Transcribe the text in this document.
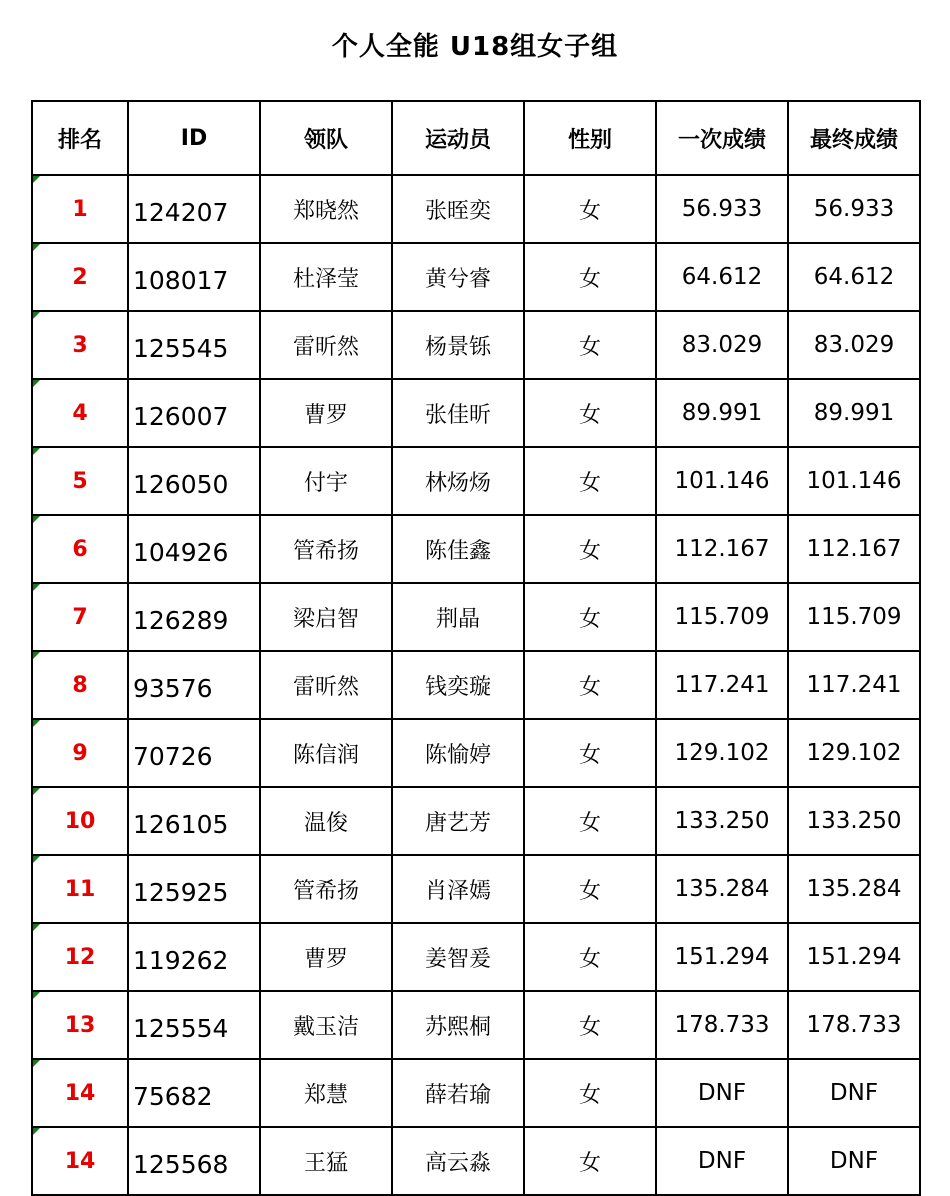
个人全能 U18组女子组
排名	ID	领队	运动员	性别	一次成绩	最终成绩
1	124207	郑晓然	张晊奕	女	56.933	56.933
2	108017	杜泽莹	黄兮睿	女	64.612	64.612
3	125545	雷昕然	杨景铄	女	83.029	83.029
4	126007	曹罗	张佳昕	女	89.991	89.991
5	126050	付宇	林炀炀	女	101.146	101.146
6	104926	管希扬	陈佳鑫	女	112.167	112.167
7	126289	梁启智	荆晶	女	115.709	115.709
8	93576	雷昕然	钱奕璇	女	117.241	117.241
9	70726	陈信润	陈愉婷	女	129.102	129.102
10	126105	温俊	唐艺芳	女	133.250	133.250
11	125925	管希扬	肖泽嫣	女	135.284	135.284
12	119262	曹罗	姜智爰	女	151.294	151.294
13	125554	戴玉洁	苏熙桐	女	178.733	178.733
14	75682	郑慧	薛若瑜	女	DNF	DNF
14	125568	王猛	高云淼	女	DNF	DNF
